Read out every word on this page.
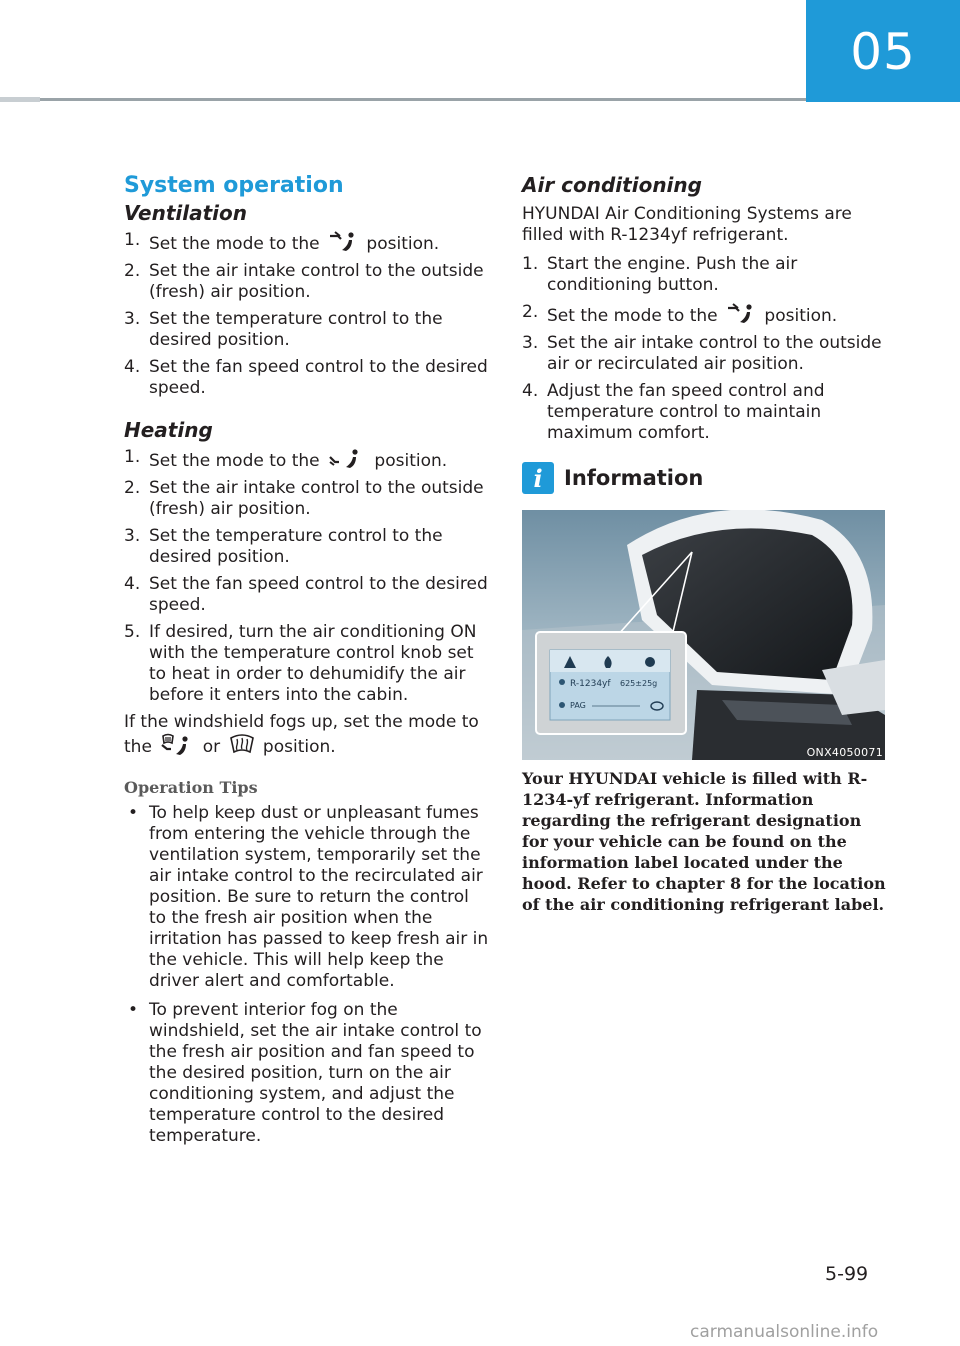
05
System operation
Ventilation
1. Set the mode to the	position.
2. Set the air intake control to the outside (fresh) air position.
3. Set the temperature control to the desired position.
4. Set the fan speed control to the desired speed.
Heating
1. Set the mode to the	position.
2. Set the air intake control to the outside (fresh) air position.
3. Set the temperature control to the desired position.
4. Set the fan speed control to the desired speed.
5. If desired, turn the air conditioning ON with the temperature control knob set to heat in order to dehumidify the air before it enters into the cabin.

If the windshield fogs up, set the mode to the	or	position.

Operation Tips
• To help keep dust or unpleasant fumes from entering the vehicle through the ventilation system, temporarily set the air intake control to the recirculated air position. Be sure to return the control to the fresh air position when the irritation has passed to keep fresh air in the vehicle. This will help keep the driver alert and comfortable.
• To prevent interior fog on the windshield, set the air intake control to the fresh air position and fan speed to the desired position, turn on the air conditioning system, and adjust the temperature control to the desired temperature.
Air conditioning

HYUNDAI Air Conditioning Systems are filled with R-1234yf refrigerant.

1. Start the engine. Push the air conditioning button.
2. Set the mode to the	position.
3. Set the air intake control to the outside air or recirculated air position.
4. Adjust the fan speed control and temperature control to maintain maximum comfort.
i	Information
R-1234yf 625±25g
PAG
ONX4050071

Your HYUNDAI vehicle is filled with R-1234-yf refrigerant. Information regarding the refrigerant designation for your vehicle can be found on the information label located under the hood. Refer to chapter 8 for the location of the air conditioning refrigerant label.

5-99
carmanualsonline.info
